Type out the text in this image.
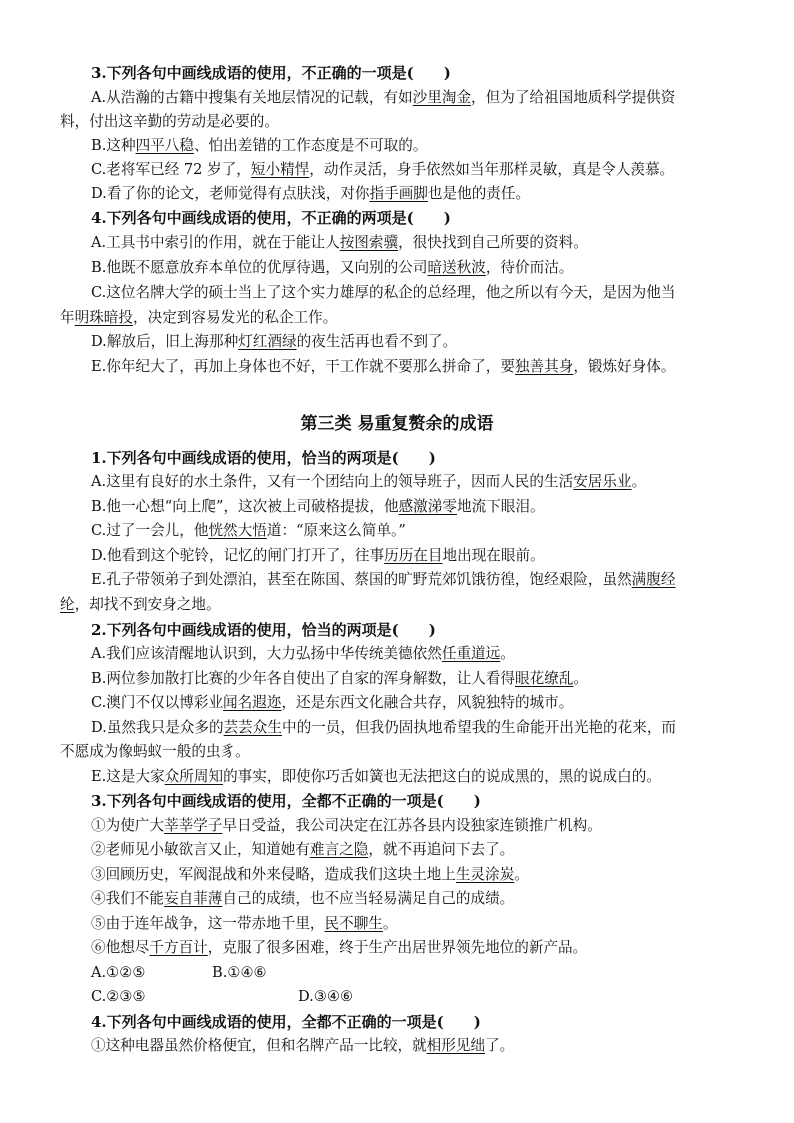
3.下列各句中画线成语的使用，不正确的一项是(　　)

A.从浩瀚的古籍中搜集有关地层情况的记载，有如沙里淘金，但为了给祖国地质科学提供资

料，付出这辛勤的劳动是必要的。

B.这种四平八稳、怕出差错的工作态度是不可取的。

C.老将军已经 72 岁了，短小精悍，动作灵活，身手依然如当年那样灵敏，真是令人羡慕。

D.看了你的论文，老师觉得有点肤浅，对你指手画脚也是他的责任。

4.下列各句中画线成语的使用，不正确的两项是(　　)

A.工具书中索引的作用，就在于能让人按图索骥，很快找到自己所要的资料。

B.他既不愿意放弃本单位的优厚待遇，又向别的公司暗送秋波，待价而沽。

C.这位名牌大学的硕士当上了这个实力雄厚的私企的总经理，他之所以有今天，是因为他当

年明珠暗投，决定到容易发光的私企工作。

D.解放后，旧上海那种灯红酒绿的夜生活再也看不到了。

E.你年纪大了，再加上身体也不好，干工作就不要那么拼命了，要独善其身，锻炼好身体。

第三类 易重复赘余的成语

1.下列各句中画线成语的使用，恰当的两项是(　　)

A.这里有良好的水土条件，又有一个团结向上的领导班子，因而人民的生活安居乐业。

B.他一心想“向上爬”，这次被上司破格提拔，他感激涕零地流下眼泪。

C.过了一会儿，他恍然大悟道：“原来这么简单。”

D.他看到这个驼铃，记忆的闸门打开了，往事历历在目地出现在眼前。

E.孔子带领弟子到处漂泊，甚至在陈国、蔡国的旷野荒郊饥饿彷徨，饱经艰险，虽然满腹经

纶，却找不到安身之地。

2.下列各句中画线成语的使用，恰当的两项是(　　)

A.我们应该清醒地认识到，大力弘扬中华传统美德依然任重道远。

B.两位参加散打比赛的少年各自使出了自家的浑身解数，让人看得眼花缭乱。

C.澳门不仅以博彩业闻名遐迩，还是东西文化融合共存，风貌独特的城市。

D.虽然我只是众多的芸芸众生中的一员，但我仍固执地希望我的生命能开出光艳的花来，而

不愿成为像蚂蚁一般的虫豸。

E.这是大家众所周知的事实，即使你巧舌如簧也无法把这白的说成黑的，黑的说成白的。

3.下列各句中画线成语的使用，全都不正确的一项是(　　)

①为使广大莘莘学子早日受益，我公司决定在江苏各县内设独家连锁推广机构。

②老师见小敏欲言又止，知道她有难言之隐，就不再追问下去了。

③回顾历史，军阀混战和外来侵略，造成我们这块土地上生灵涂炭。

④我们不能妄自菲薄自己的成绩，也不应当轻易满足自己的成绩。

⑤由于连年战争，这一带赤地千里，民不聊生。

⑥他想尽千方百计，克服了很多困难，终于生产出居世界领先地位的新产品。

A.①②⑤	B.①④⑥

C.②③⑤	D.③④⑥

4.下列各句中画线成语的使用，全都不正确的一项是(　　)

①这种电器虽然价格便宜，但和名牌产品一比较，就相形见绌了。
